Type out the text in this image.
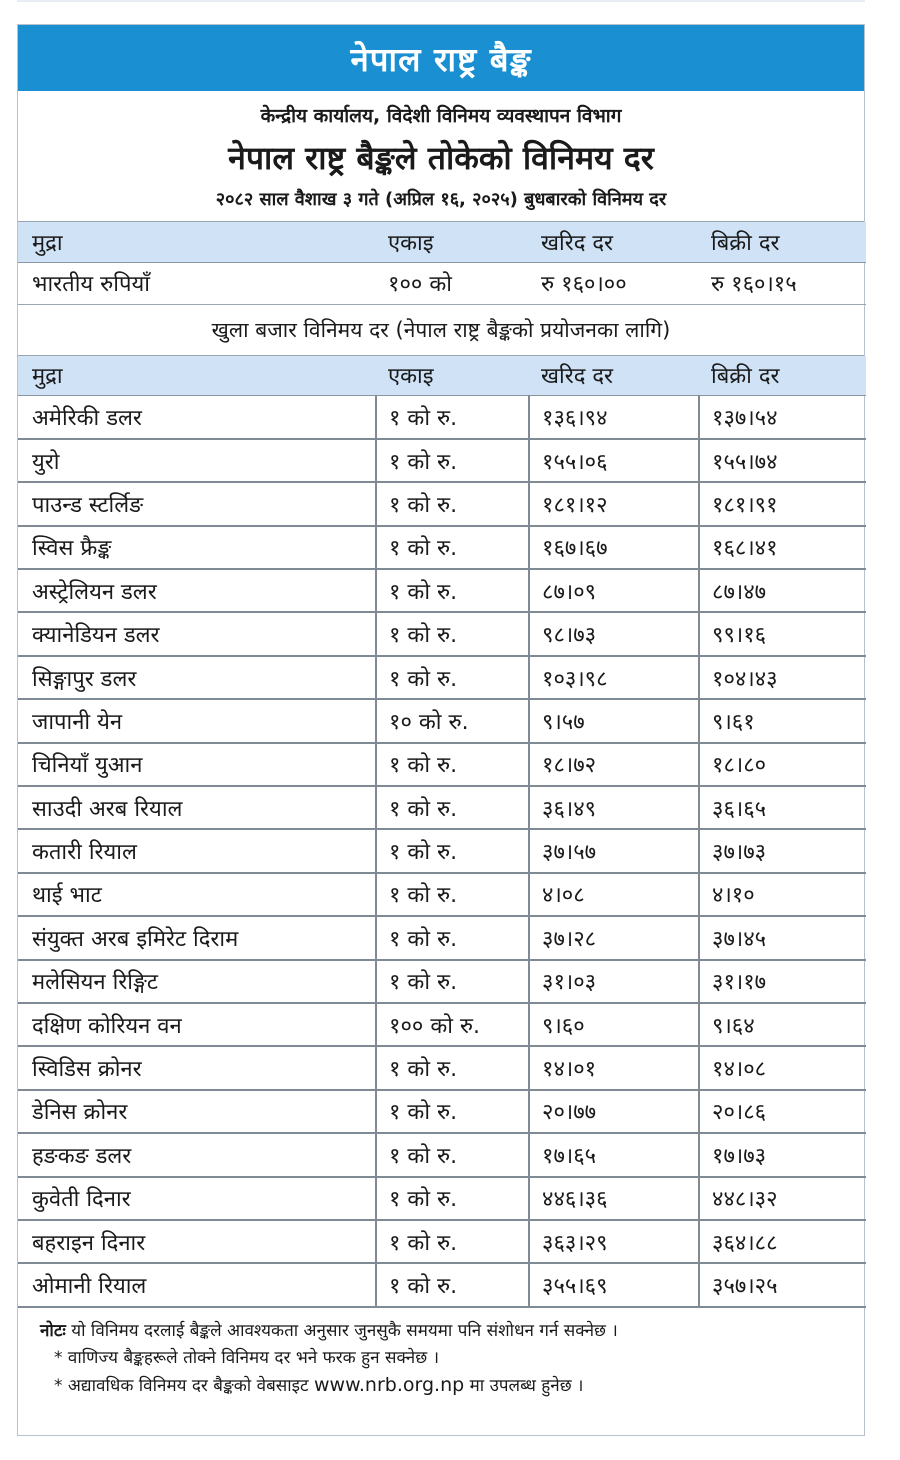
नेपाल राष्ट्र बैङ्क
केन्द्रीय कार्यालय, विदेशी विनिमय व्यवस्थापन विभाग
नेपाल राष्ट्र बैङ्कले तोकेको विनिमय दर
२०८२ साल वैशाख ३ गते (अप्रिल १६, २०२५) बुधबारको विनिमय दर
मुद्रा	एकाइ	खरिद दर	बिक्री दर
भारतीय रुपियाँ	१०० को	रु १६०।००	रु १६०।१५
खुला बजार विनिमय दर (नेपाल राष्ट्र बैङ्कको प्रयोजनका लागि)
मुद्रा	एकाइ	खरिद दर	बिक्री दर
अमेरिकी डलर	१ को रु.	१३६।९४	१३७।५४
युरो	१ को रु.	१५५।०६	१५५।७४
पाउन्ड स्टर्लिङ	१ को रु.	१८१।१२	१८१।९१
स्विस फ्रैङ्क	१ को रु.	१६७।६७	१६८।४१
अस्ट्रेलियन डलर	१ को रु.	८७।०९	८७।४७
क्यानेडियन डलर	१ को रु.	९८।७३	९९।१६
सिङ्गापुर डलर	१ को रु.	१०३।९८	१०४।४३
जापानी येन	१० को रु.	९।५७	९।६१
चिनियाँ युआन	१ को रु.	१८।७२	१८।८०
साउदी अरब रियाल	१ को रु.	३६।४९	३६।६५
कतारी रियाल	१ को रु.	३७।५७	३७।७३
थाई भाट	१ को रु.	४।०८	४।१०
संयुक्त अरब इमिरेट दिराम	१ को रु.	३७।२८	३७।४५
मलेसियन रिङ्गिट	१ को रु.	३१।०३	३१।१७
दक्षिण कोरियन वन	१०० को रु.	९।६०	९।६४
स्विडिस क्रोनर	१ को रु.	१४।०१	१४।०८
डेनिस क्रोनर	१ को रु.	२०।७७	२०।८६
हङकङ डलर	१ को रु.	१७।६५	१७।७३
कुवेती दिनार	१ को रु.	४४६।३६	४४८।३२
बहराइन दिनार	१ को रु.	३६३।२९	३६४।८८
ओमानी रियाल	१ को रु.	३५५।६९	३५७।२५
नोटः यो विनिमय दरलाई बैङ्कले आवश्यकता अनुसार जुनसुकै समयमा पनि संशोधन गर्न सक्नेछ ।
* वाणिज्य बैङ्कहरूले तोक्ने विनिमय दर भने फरक हुन सक्नेछ ।
* अद्यावधिक विनिमय दर बैङ्कको वेबसाइट www.nrb.org.np मा उपलब्ध हुनेछ ।
